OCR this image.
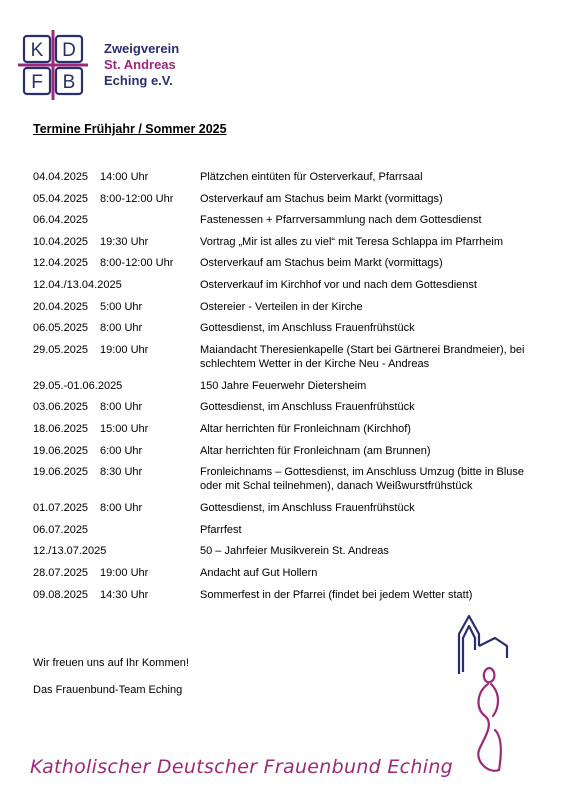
K D
F B
Zweigverein
St. Andreas
Eching e.V.
Termine Frühjahr / Sommer 2025
04.04.2025	14:00 Uhr	Plätzchen eintüten für Osterverkauf, Pfarrsaal
05.04.2025	8:00-12:00 Uhr	Osterverkauf am Stachus beim Markt (vormittags)
06.04.2025	Fastenessen + Pfarrversammlung nach dem Gottesdienst
10.04.2025	19:30 Uhr	Vortrag „Mir ist alles zu viel“ mit Teresa Schlappa im Pfarrheim
12.04.2025	8:00-12:00 Uhr	Osterverkauf am Stachus beim Markt (vormittags)
12.04./13.04.2025	Osterverkauf im Kirchhof vor und nach dem Gottesdienst
20.04.2025	5:00 Uhr	Ostereier - Verteilen in der Kirche
06.05.2025	8:00 Uhr	Gottesdienst, im Anschluss Frauenfrühstück
29.05.2025	19:00 Uhr	Maiandacht Theresienkapelle (Start bei Gärtnerei Brandmeier), bei schlechtem Wetter in der Kirche Neu - Andreas
29.05.-01.06.2025	150 Jahre Feuerwehr Dietersheim
03.06.2025	8:00 Uhr	Gottesdienst, im Anschluss Frauenfrühstück
18.06.2025	15:00 Uhr	Altar herrichten für Fronleichnam (Kirchhof)
19.06.2025	6:00 Uhr	Altar herrichten für Fronleichnam (am Brunnen)
19.06.2025	8:30 Uhr	Fronleichnams – Gottesdienst, im Anschluss Umzug (bitte in Bluse oder mit Schal teilnehmen), danach Weißwurstfrühstück
01.07.2025	8:00 Uhr	Gottesdienst, im Anschluss Frauenfrühstück
06.07.2025	Pfarrfest
12./13.07.2025	50 – Jahrfeier Musikverein St. Andreas
28.07.2025	19:00 Uhr	Andacht auf Gut Hollern
09.08.2025	14:30 Uhr	Sommerfest in der Pfarrei (findet bei jedem Wetter statt)
Wir freuen uns auf Ihr Kommen!
Das Frauenbund-Team Eching
Katholischer Deutscher Frauenbund Eching
